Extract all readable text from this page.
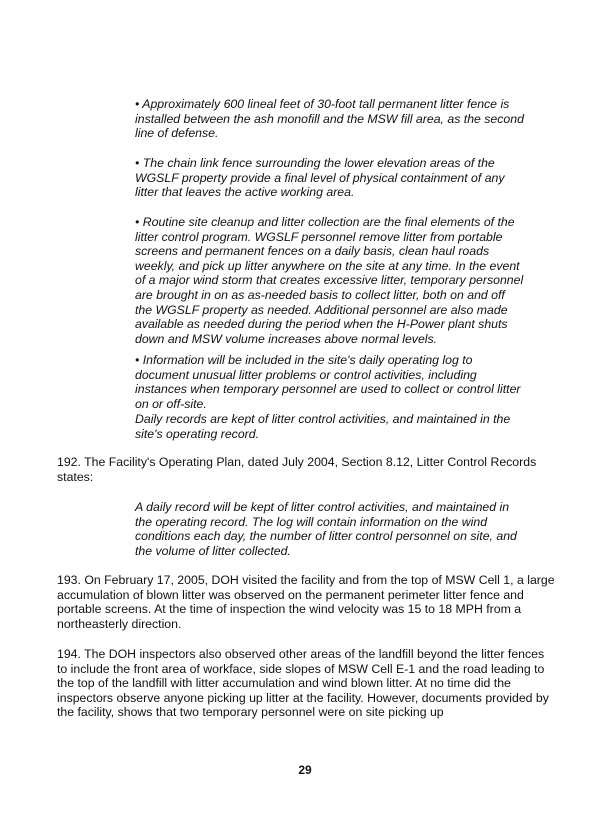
• Approximately 600 lineal feet of 30-foot tall permanent litter fence is installed between the ash monofill and the MSW fill area, as the second line of defense.

• The chain link fence surrounding the lower elevation areas of the WGSLF property provide a final level of physical containment of any litter that leaves the active working area.

• Routine site cleanup and litter collection are the final elements of the litter control program. WGSLF personnel remove litter from portable screens and permanent fences on a daily basis, clean haul roads weekly, and pick up litter anywhere on the site at any time. In the event of a major wind storm that creates excessive litter, temporary personnel are brought in on as as-needed basis to collect litter, both on and off the WGSLF property as needed. Additional personnel are also made available as needed during the period when the H-Power plant shuts down and MSW volume increases above normal levels.

• Information will be included in the site's daily operating log to document unusual litter problems or control activities, including instances when temporary personnel are used to collect or control litter on or off-site.

Daily records are kept of litter control activities, and maintained in the site's operating record.

192. The Facility's Operating Plan, dated July 2004, Section 8.12, Litter Control Records states:

A daily record will be kept of litter control activities, and maintained in the operating record. The log will contain information on the wind conditions each day, the number of litter control personnel on site, and the volume of litter collected.

193. On February 17, 2005, DOH visited the facility and from the top of MSW Cell 1, a large accumulation of blown litter was observed on the permanent perimeter litter fence and portable screens. At the time of inspection the wind velocity was 15 to 18 MPH from a northeasterly direction.

194. The DOH inspectors also observed other areas of the landfill beyond the litter fences to include the front area of workface, side slopes of MSW Cell E-1 and the road leading to the top of the landfill with litter accumulation and wind blown litter. At no time did the inspectors observe anyone picking up litter at the facility. However, documents provided by the facility, shows that two temporary personnel were on site picking up

29
